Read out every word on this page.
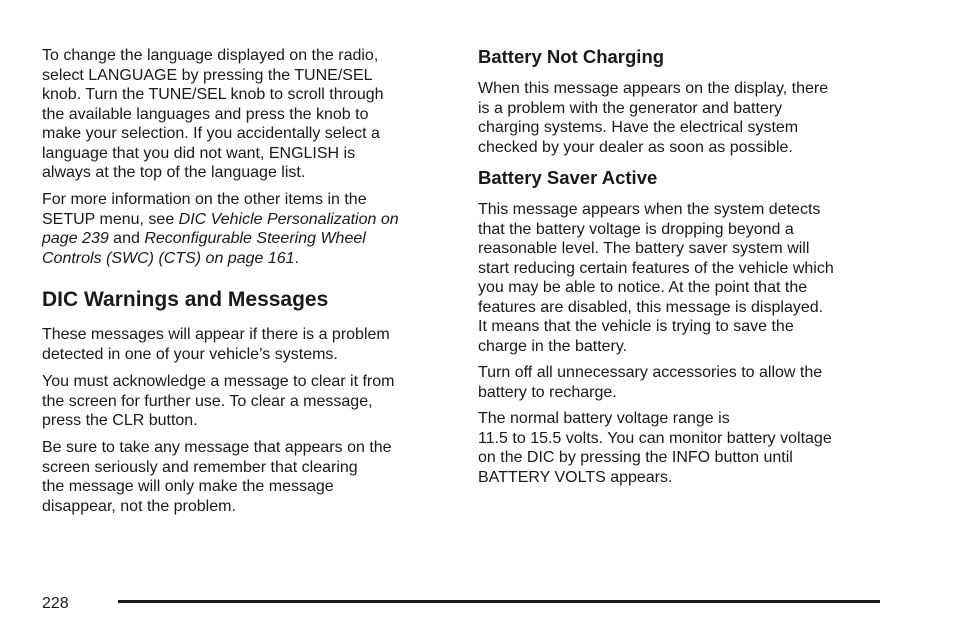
To change the language displayed on the radio,
select LANGUAGE by pressing the TUNE/SEL
knob. Turn the TUNE/SEL knob to scroll through
the available languages and press the knob to
make your selection. If you accidentally select a
language that you did not want, ENGLISH is
always at the top of the language list.

For more information on the other items in the
SETUP menu, see DIC Vehicle Personalization on
page 239 and Reconfigurable Steering Wheel
Controls (SWC) (CTS) on page 161.

DIC Warnings and Messages

These messages will appear if there is a problem
detected in one of your vehicle’s systems.

You must acknowledge a message to clear it from
the screen for further use. To clear a message,
press the CLR button.

Be sure to take any message that appears on the
screen seriously and remember that clearing
the message will only make the message
disappear, not the problem.

Battery Not Charging

When this message appears on the display, there
is a problem with the generator and battery
charging systems. Have the electrical system
checked by your dealer as soon as possible.

Battery Saver Active

This message appears when the system detects
that the battery voltage is dropping beyond a
reasonable level. The battery saver system will
start reducing certain features of the vehicle which
you may be able to notice. At the point that the
features are disabled, this message is displayed.
It means that the vehicle is trying to save the
charge in the battery.

Turn off all unnecessary accessories to allow the
battery to recharge.

The normal battery voltage range is
11.5 to 15.5 volts. You can monitor battery voltage
on the DIC by pressing the INFO button until
BATTERY VOLTS appears.

228
